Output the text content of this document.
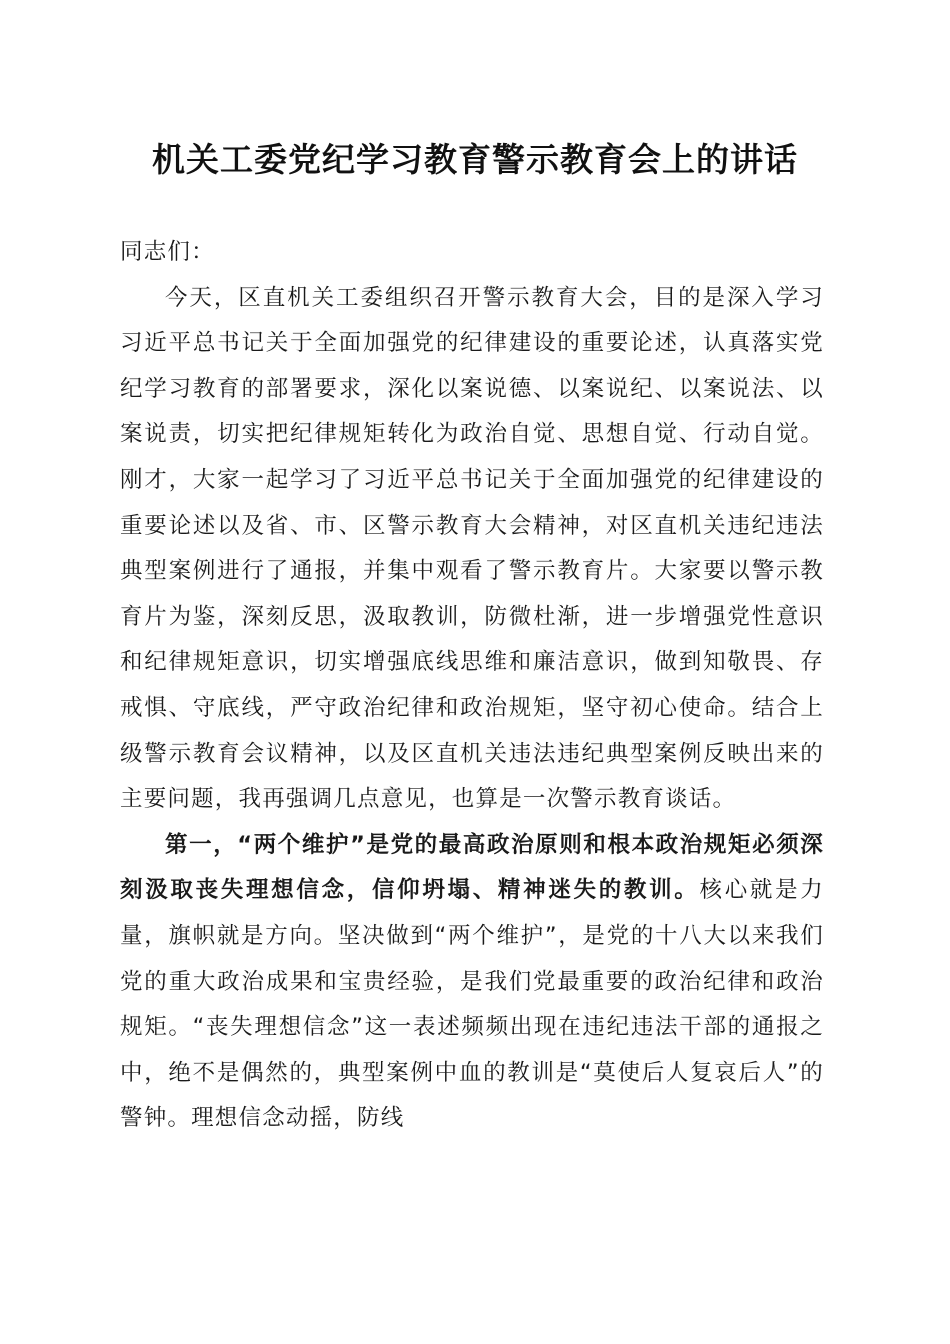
机关工委党纪学习教育警示教育会上的讲话

同志们：

今天，区直机关工委组织召开警示教育大会，目的是深入学习习近平总书记关于全面加强党的纪律建设的重要论述，认真落实党纪学习教育的部署要求，深化以案说德、以案说纪、以案说法、以案说责，切实把纪律规矩转化为政治自觉、思想自觉、行动自觉。刚才，大家一起学习了习近平总书记关于全面加强党的纪律建设的重要论述以及省、市、区警示教育大会精神，对区直机关违纪违法典型案例进行了通报，并集中观看了警示教育片。大家要以警示教育片为鉴，深刻反思，汲取教训，防微杜渐，进一步增强党性意识和纪律规矩意识，切实增强底线思维和廉洁意识，做到知敬畏、存戒惧、守底线，严守政治纪律和政治规矩，坚守初心使命。结合上级警示教育会议精神，以及区直机关违法违纪典型案例反映出来的主要问题，我再强调几点意见，也算是一次警示教育谈话。

第一，“两个维护”是党的最高政治原则和根本政治规矩必须深刻汲取丧失理想信念，信仰坍塌、精神迷失的教训。核心就是力量，旗帜就是方向。坚决做到“两个维护”，是党的十八大以来我们党的重大政治成果和宝贵经验，是我们党最重要的政治纪律和政治规矩。“丧失理想信念”这一表述频频出现在违纪违法干部的通报之中，绝不是偶然的，典型案例中血的教训是“莫使后人复哀后人”的警钟。理想信念动摇，防线
